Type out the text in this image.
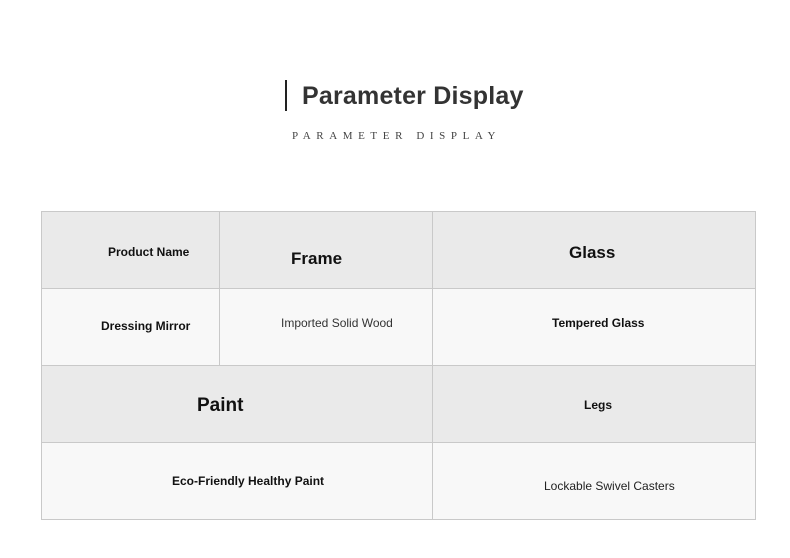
Parameter Display
PARAMETER DISPLAY
Product Name	Frame	Glass

Dressing Mirror	Imported Solid Wood	Tempered Glass

Paint		Legs

Eco-Friendly Healthy Paint		Lockable Swivel Casters
